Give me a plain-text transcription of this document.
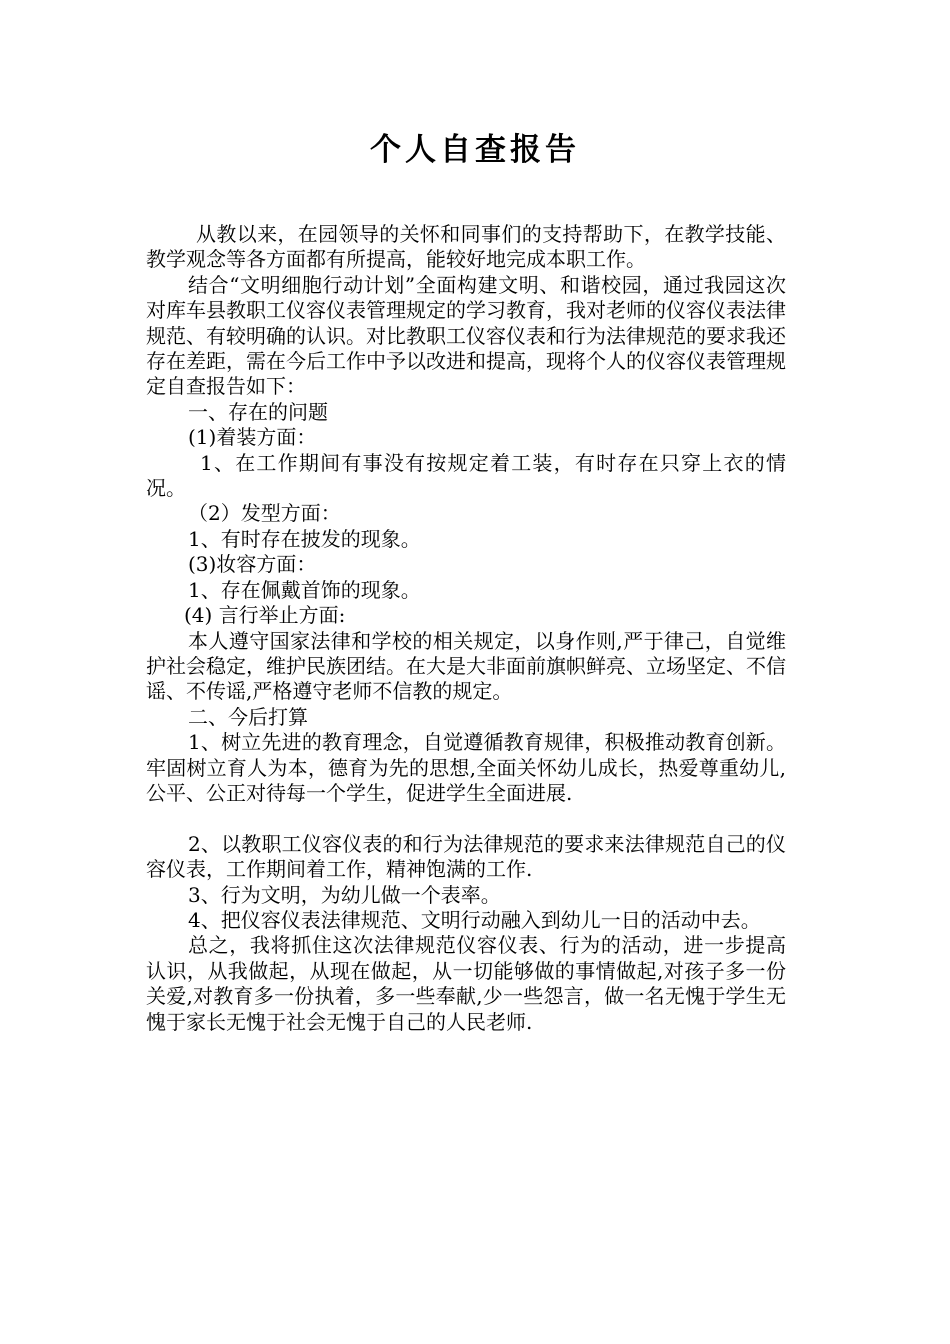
个人自查报告

从教以来，在园领导的关怀和同事们的支持帮助下，在教学技能、教学观念等各方面都有所提高，能较好地完成本职工作。

结合“文明细胞行动计划”全面构建文明、和谐校园，通过我园这次对库车县教职工仪容仪表管理规定的学习教育，我对老师的仪容仪表法律规范、有较明确的认识。对比教职工仪容仪表和行为法律规范的要求我还存在差距，需在今后工作中予以改进和提高，现将个人的仪容仪表管理规定自查报告如下：

一、存在的问题

(1)着装方面：

1、在工作期间有事没有按规定着工装，有时存在只穿上衣的情况。

（2）发型方面：

1、有时存在披发的现象。

(3)妆容方面：

1、存在佩戴首饰的现象。

(4) 言行举止方面:

本人遵守国家法律和学校的相关规定，以身作则,严于律己，自觉维护社会稳定，维护民族团结。在大是大非面前旗帜鲜亮、立场坚定、不信谣、不传谣,严格遵守老师不信教的规定。

二、今后打算

1、树立先进的教育理念，自觉遵循教育规律，积极推动教育创新。牢固树立育人为本，德育为先的思想,全面关怀幼儿成长，热爱尊重幼儿,公平、公正对待每一个学生，促进学生全面进展.

2、以教职工仪容仪表的和行为法律规范的要求来法律规范自己的仪容仪表，工作期间着工作，精神饱满的工作.

3、行为文明，为幼儿做一个表率。

4、把仪容仪表法律规范、文明行动融入到幼儿一日的活动中去。

总之，我将抓住这次法律规范仪容仪表、行为的活动，进一步提高认识，从我做起，从现在做起，从一切能够做的事情做起,对孩子多一份关爱,对教育多一份执着，多一些奉献,少一些怨言，做一名无愧于学生无愧于家长无愧于社会无愧于自己的人民老师.
